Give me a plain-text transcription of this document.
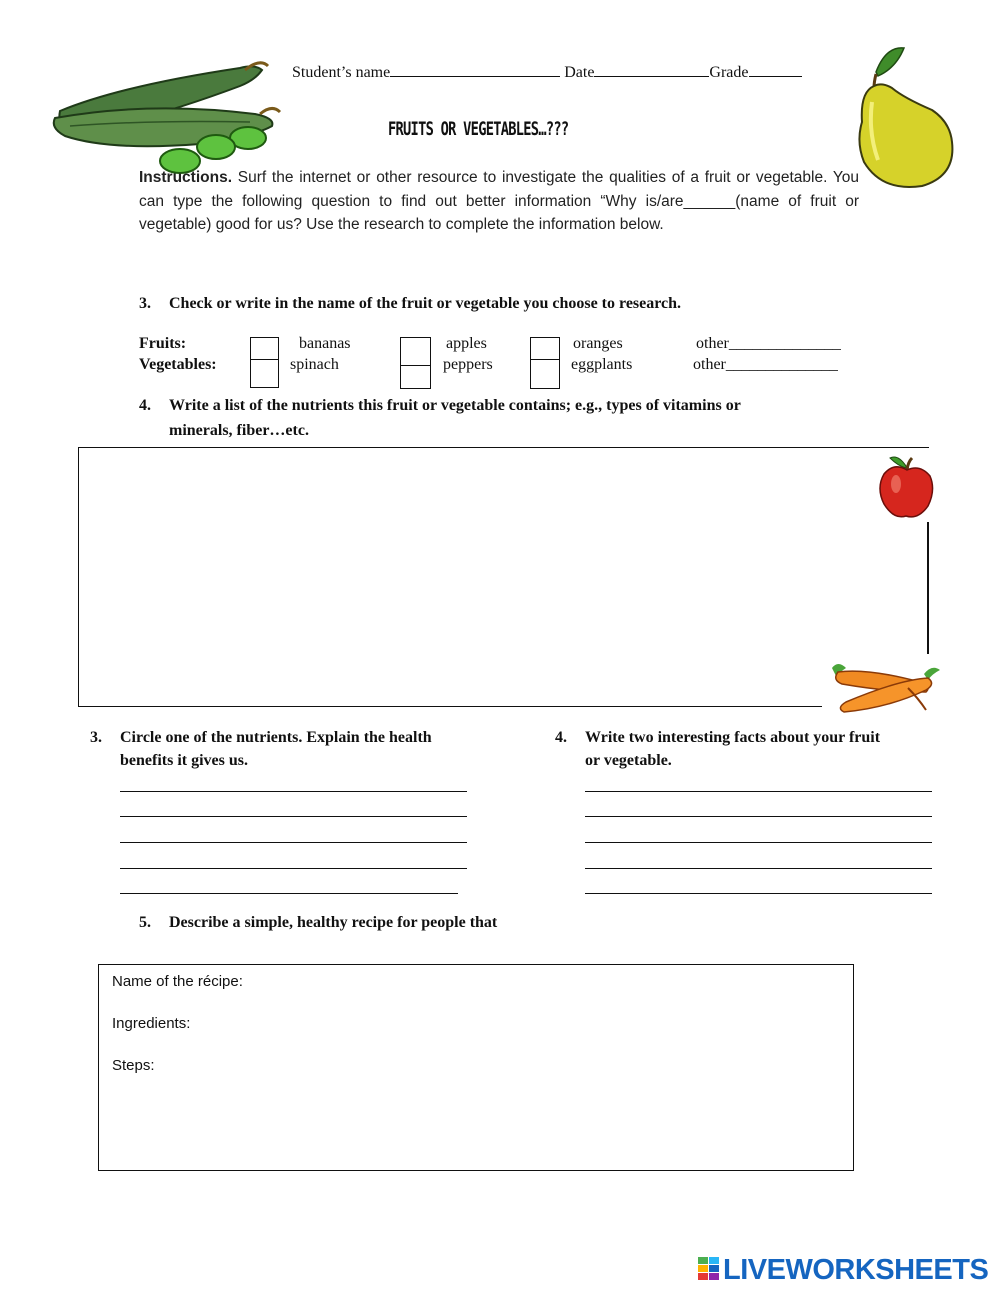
Student’s name	Date	Grade
FRUITS OR VEGETABLES…???
Instructions. Surf the internet or other resource to investigate the qualities of a fruit or vegetable. You can type the following question to find out better information “Why is/are______(name of fruit or vegetable) good for us? Use the research to complete the information below.
3. Check or write in the name of the fruit or vegetable you choose to research.
Fruits:
Vegetables:
bananas	apples	oranges	other______________
spinach	peppers	eggplants	other______________
4. Write a list of the nutrients this fruit or vegetable contains; e.g., types of vitamins or
minerals, fiber…etc.
3. Circle one of the nutrients. Explain the health
benefits it gives us.
4. Write two interesting facts about your fruit
or vegetable.
5. Describe a simple, healthy recipe for people that
Name of the récipe:
Ingredients:
Steps:
LIVEWORKSHEETS
